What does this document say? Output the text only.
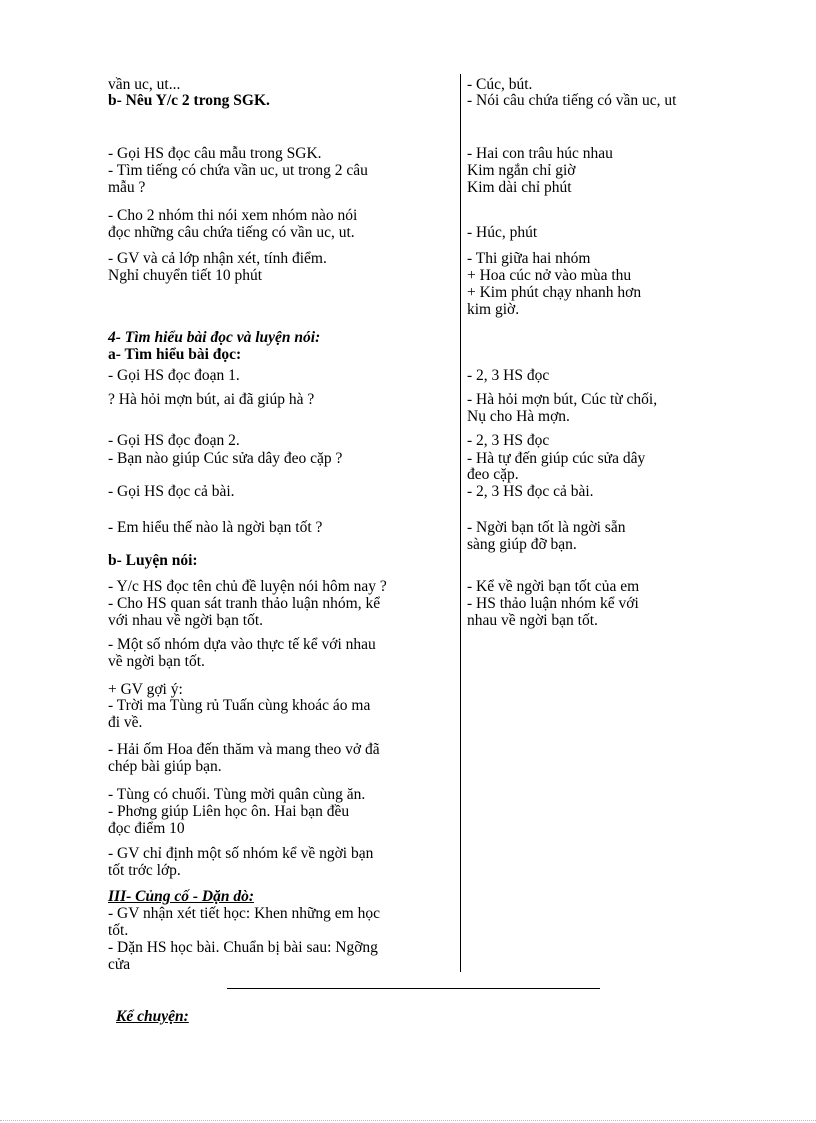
vần uc, ut...
b- Nêu Y/c 2 trong SGK.
- Gọi HS đọc câu mẫu trong SGK.
- Tìm tiếng có chứa vần uc, ut trong 2 câu
mẫu ?
- Cho 2 nhóm thi nói xem nhóm nào nói
đọc những câu chứa tiếng có vần uc, ut.
- GV và cả lớp nhận xét, tính điểm.
Nghỉ chuyển tiết 10 phút
4- Tìm hiểu bài đọc và luyện nói:
a- Tìm hiểu bài đọc:
- Gọi HS đọc đoạn 1.
? Hà hỏi mợn bút, ai đã giúp hà ?
- Gọi HS đọc đoạn 2.
- Bạn nào giúp Cúc sửa dây đeo cặp ?
- Gọi HS đọc cả bài.
- Em hiểu thế nào là ngời bạn tốt ?
b- Luyện nói:
- Y/c HS đọc tên chủ đề luyện nói hôm nay ?
- Cho HS quan sát tranh thảo luận nhóm, kể
với nhau về ngời bạn tốt.
- Một số nhóm dựa vào thực tế kể với nhau
về ngời bạn tốt.
+ GV gợi ý:
- Trời ma Tùng rủ Tuấn cùng khoác áo ma
đi về.
- Hải ốm Hoa đến thăm và mang theo vở đã
chép bài giúp bạn.
- Tùng có chuối. Tùng mời quân cùng ăn.
- Phơng giúp Liên học ôn. Hai bạn đều
đọc điểm 10
- GV chỉ định một số nhóm kể về ngời bạn
tốt trớc lớp.
III- Củng cố - Dặn dò:
- GV nhận xét tiết học: Khen những em học
tốt.
- Dặn HS học bài. Chuẩn bị bài sau: Ngỡng
cửa
- Cúc, bút.
- Nói câu chứa tiếng có vần uc, ut
- Hai con trâu húc nhau
Kim ngắn chỉ giờ
Kim dài chỉ phút
- Húc, phút
- Thi giữa hai nhóm
+ Hoa cúc nở vào mùa thu
+ Kim phút chạy nhanh hơn
kim giờ.
- 2, 3 HS đọc
- Hà hỏi mợn bút, Cúc từ chối,
Nụ cho Hà mợn.
- 2, 3 HS đọc
- Hà tự đến giúp cúc sửa dây
đeo cặp.
- 2, 3 HS đọc cả bài.
- Ngời bạn tốt là ngời sẵn
sàng giúp đỡ bạn.
- Kể về ngời bạn tốt của em
- HS thảo luận nhóm kể với
nhau về ngời bạn tốt.
Kể chuyện:
